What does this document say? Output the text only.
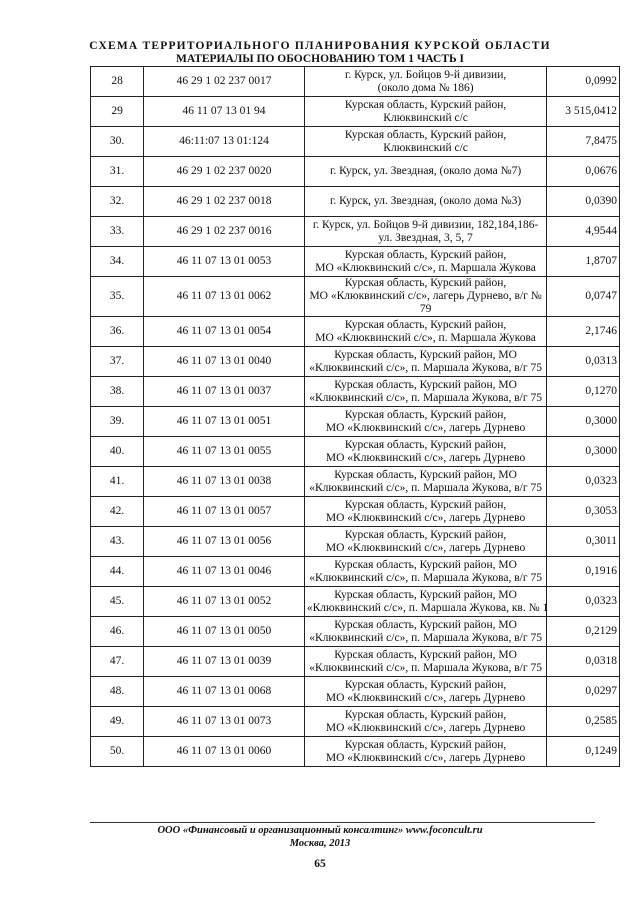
СХЕМА ТЕРРИТОРИАЛЬНОГО ПЛАНИРОВАНИЯ КУРСКОЙ ОБЛАСТИ
МАТЕРИАЛЫ ПО ОБОСНОВАНИЮ ТОМ 1 ЧАСТЬ I
28	46 29 1 02 237 0017	г. Курск, ул. Бойцов 9-й дивизии,
(около дома № 186)	0,0992
29	46 11 07 13 01 94	Курская область, Курский район,
Клюквинский с/с	3 515,0412
30.	46:11:07 13 01:124	Курская область, Курский район,
Клюквинский с/с	7,8475
31.	46 29 1 02 237 0020	г. Курск, ул. Звездная, (около дома №7)	0,0676
32.	46 29 1 02 237 0018	г. Курск, ул. Звездная, (около дома №3)	0,0390
33.	46 29 1 02 237 0016	г. Курск, ул. Бойцов 9-й дивизии, 182,184,186-
ул. Звездная, 3, 5, 7	4,9544
34.	46 11 07 13 01 0053	Курская область, Курский район,
МО «Клюквинский с/с», п. Маршала Жукова	1,8707
35.	46 11 07 13 01 0062	Курская область, Курский район,
МО «Клюквинский с/с», лагерь Дурнево, в/г №
79	0,0747
36.	46 11 07 13 01 0054	Курская область, Курский район,
МО «Клюквинский с/с», п. Маршала Жукова	2,1746
37.	46 11 07 13 01 0040	Курская область, Курский район, МО
«Клюквинский с/с», п. Маршала Жукова, в/г 75	0,0313
38.	46 11 07 13 01 0037	Курская область, Курский район, МО
«Клюквинский с/с», п. Маршала Жукова, в/г 75	0,1270
39.	46 11 07 13 01 0051	Курская область, Курский район,
МО «Клюквинский с/с», лагерь Дурнево	0,3000
40.	46 11 07 13 01 0055	Курская область, Курский район,
МО «Клюквинский с/с», лагерь Дурнево	0,3000
41.	46 11 07 13 01 0038	Курская область, Курский район, МО
«Клюквинский с/с», п. Маршала Жукова, в/г 75	0,0323
42.	46 11 07 13 01 0057	Курская область, Курский район,
МО «Клюквинский с/с», лагерь Дурнево	0,3053
43.	46 11 07 13 01 0056	Курская область, Курский район,
МО «Клюквинский с/с», лагерь Дурнево	0,3011
44.	46 11 07 13 01 0046	Курская область, Курский район, МО
«Клюквинский с/с», п. Маршала Жукова, в/г 75	0,1916
45.	46 11 07 13 01 0052	Курская область, Курский район, МО
«Клюквинский с/с», п. Маршала Жукова, кв. № 1	0,0323
46.	46 11 07 13 01 0050	Курская область, Курский район, МО
«Клюквинский с/с», п. Маршала Жукова, в/г 75	0,2129
47.	46 11 07 13 01 0039	Курская область, Курский район, МО
«Клюквинский с/с», п. Маршала Жукова, в/г 75	0,0318
48.	46 11 07 13 01 0068	Курская область, Курский район,
МО «Клюквинский с/с», лагерь Дурнево	0,0297
49.	46 11 07 13 01 0073	Курская область, Курский район,
МО «Клюквинский с/с», лагерь Дурнево	0,2585
50.	46 11 07 13 01 0060	Курская область, Курский район,
МО «Клюквинский с/с», лагерь Дурнево	0,1249
ООО «Финансовый и организационный консалтинг» www.foconcult.ru
Москва, 2013
65
